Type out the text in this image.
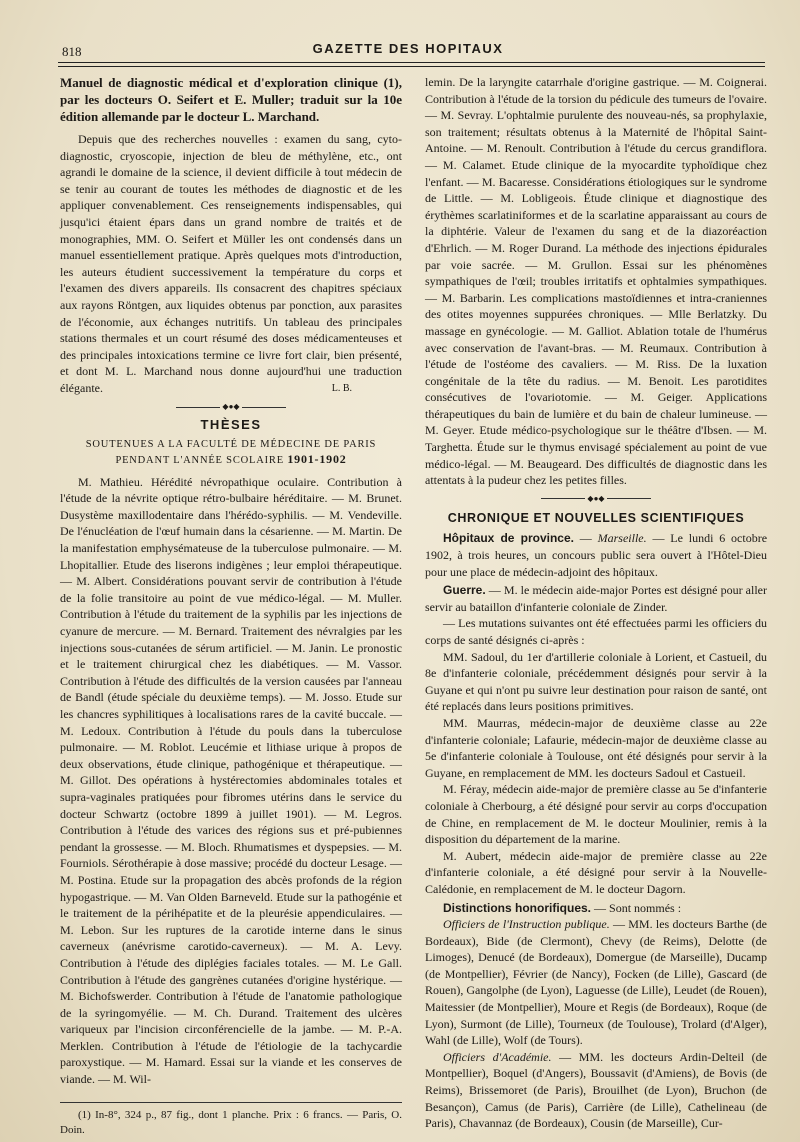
818	GAZETTE DES HOPITAUX

Manuel de diagnostic médical et d'exploration clinique (1), par les docteurs O. Seifert et E. Muller; traduit sur la 10e édition allemande par le docteur L. Marchand.

Depuis que des recherches nouvelles : examen du sang, cyto-diagnostic, cryoscopie, injection de bleu de méthylène, etc., ont agrandi le domaine de la science, il devient difficile à tout médecin de se tenir au courant de toutes les méthodes de diagnostic et de les appliquer convenablement. Ces renseignements indispensables, qui jusqu'ici étaient épars dans un grand nombre de traités et de monographies, MM. O. Seifert et Müller les ont condensés dans un manuel essentiellement pratique. Après quelques mots d'introduction, les auteurs étudient successivement la température du corps et l'examen des divers appareils. Ils consacrent des chapitres spéciaux aux rayons Röntgen, aux liquides obtenus par ponction, aux parasites de l'économie, aux échanges nutritifs. Un tableau des principales stations thermales et un court résumé des doses médicamenteuses et des principales intoxications termine ce livre fort clair, bien présenté, et dont M. L. Marchand nous donne aujourd'hui une traduction élégante.	L. B.

◆●◆
THÈSES
SOUTENUES A LA FACULTÉ DE MÉDECINE DE PARIS
PENDANT L'ANNÉE SCOLAIRE 1901-1902

M. Mathieu. Hérédité névropathique oculaire. Contribution à l'étude de la névrite optique rétro-bulbaire héréditaire. — M. Brunet. Dusystème maxillodentaire dans l'hérédo-syphilis. — M. Vendeville. De l'énucléation de l'œuf humain dans la césarienne. — M. Martin. De la manifestation emphysémateuse de la tuberculose pulmonaire. — M. Lhopitallier. Etude des liserons indigènes ; leur emploi thérapeutique. — M. Albert. Considérations pouvant servir de contribution à l'étude de la folie transitoire au point de vue médico-légal. — M. Muller. Contribution à l'étude du traitement de la syphilis par les injections de cyanure de mercure. — M. Bernard. Traitement des névralgies par les injections sous-cutanées de sérum artificiel. — M. Janin. Le pronostic et le traitement chirurgical chez les diabétiques. — M. Vassor. Contribution à l'étude des difficultés de la version causées par l'anneau de Bandl (étude spéciale du deuxième temps). — M. Josso. Etude sur les chancres syphilitiques à localisations rares de la cavité buccale. — M. Ledoux. Contribution à l'étude du pouls dans la tuberculose pulmonaire. — M. Roblot. Leucémie et lithiase urique à propos de deux observations, étude clinique, pathogénique et thérapeutique. — M. Gillot. Des opérations à hystérectomies abdominales totales et supra-vaginales pratiquées pour fibromes utérins dans le service du docteur Schwartz (octobre 1899 à juillet 1901). — M. Legros. Contribution à l'étude des varices des régions sus et pré-pubiennes pendant la grossesse. — M. Bloch. Rhumatismes et dyspepsies. — M. Fourniols. Sérothérapie à dose massive; procédé du docteur Lesage. — M. Postina. Etude sur la propagation des abcès profonds de la région hypogastrique. — M. Van Olden Barneveld. Etude sur la pathogénie et le traitement de la périhépatite et de la pleurésie appendiculaires. — M. Lebon. Sur les ruptures de la carotide interne dans le sinus caverneux (anévrisme carotido-caverneux). — M. A. Levy. Contribution à l'étude des diplégies faciales totales. — M. Le Gall. Contribution à l'étude des gangrènes cutanées d'origine hystérique. — M. Bichofswerder. Contribution à l'étude de l'anatomie pathologique de la syringomyélie. — M. Ch. Durand. Traitement des ulcères variqueux par l'incision circonférencielle de la jambe. — M. P.-A. Merklen. Contribution à l'étude de l'étiologie de la tachycardie paroxystique. — M. Hamard. Essai sur la viande et les conserves de viande. — M. Wil-

(1) In-8°, 324 p., 87 fig., dont 1 planche. Prix : 6 francs. — Paris, O. Doin.

lemin. De la laryngite catarrhale d'origine gastrique. — M. Coignerai. Contribution à l'étude de la torsion du pédicule des tumeurs de l'ovaire. — M. Sevray. L'ophtalmie purulente des nouveau-nés, sa prophylaxie, son traitement; résultats obtenus à la Maternité de l'hôpital Saint-Antoine. — M. Renoult. Contribution à l'étude du cercus grandiflora. — M. Calamet. Etude clinique de la myocardite typhoïdique chez l'enfant. — M. Bacaresse. Considérations étiologiques sur le syndrome de Little. — M. Lobligeois. Étude clinique et diagnostique des érythèmes scarlatiniformes et de la scarlatine apparaissant au cours de la diphtérie. Valeur de l'examen du sang et de la diazoréaction d'Ehrlich. — M. Roger Durand. La méthode des injections épidurales par voie sacrée. — M. Grullon. Essai sur les phénomènes sympathiques de l'œil; troubles irritatifs et ophtalmies sympathiques. — M. Barbarin. Les complications mastoïdiennes et intra-craniennes des otites moyennes suppurées chroniques. — Mlle Berlatzky. Du massage en gynécologie. — M. Galliot. Ablation totale de l'humérus avec conservation de l'avant-bras. — M. Reumaux. Contribution à l'étude de l'ostéome des cavaliers. — M. Riss. De la luxation congénitale de la tête du radius. — M. Benoit. Les parotidites consécutives de l'ovariotomie. — M. Geiger. Applications thérapeutiques du bain de lumière et du bain de chaleur lumineuse. — M. Geyer. Etude médico-psychologique sur le théâtre d'Ibsen. — M. Targhetta. Étude sur le thymus envisagé spécialement au point de vue médico-légal. — M. Beaugeard. Des difficultés de diagnostic dans les attentats à la pudeur chez les petites filles.

◆●◆
CHRONIQUE ET NOUVELLES SCIENTIFIQUES

Hôpitaux de province. — Marseille. — Le lundi 6 octobre 1902, à trois heures, un concours public sera ouvert à l'Hôtel-Dieu pour une place de médecin-adjoint des hôpitaux.

Guerre. — M. le médecin aide-major Portes est désigné pour aller servir au bataillon d'infanterie coloniale de Zinder.

— Les mutations suivantes ont été effectuées parmi les officiers du corps de santé désignés ci-après :

MM. Sadoul, du 1er d'artillerie coloniale à Lorient, et Castueil, du 8e d'infanterie coloniale, précédemment désignés pour servir à la Guyane et qui n'ont pu suivre leur destination pour raison de santé, ont été replacés dans leurs positions primitives.

MM. Maurras, médecin-major de deuxième classe au 22e d'infanterie coloniale; Lafaurie, médecin-major de deuxième classe au 5e d'infanterie coloniale à Toulouse, ont été désignés pour servir à la Guyane, en remplacement de MM. les docteurs Sadoul et Castueil.

M. Féray, médecin aide-major de première classe au 5e d'infanterie coloniale à Cherbourg, a été désigné pour servir au corps d'occupation de Chine, en remplacement de M. le docteur Moulinier, remis à la disposition du département de la marine.

M. Aubert, médecin aide-major de première classe au 22e d'infanterie coloniale, a été désigné pour servir à la Nouvelle-Calédonie, en remplacement de M. le docteur Dagorn.

Distinctions honorifiques. — Sont nommés :

Officiers de l'Instruction publique. — MM. les docteurs Barthe (de Bordeaux), Bide (de Clermont), Chevy (de Reims), Delotte (de Limoges), Denucé (de Bordeaux), Domergue (de Marseille), Ducamp (de Montpellier), Février (de Nancy), Focken (de Lille), Gascard (de Rouen), Gangolphe (de Lyon), Laguesse (de Lille), Leudet (de Rouen), Maitessier (de Montpellier), Moure et Regis (de Bordeaux), Roque (de Lyon), Surmont (de Lille), Tourneux (de Toulouse), Trolard (d'Alger), Wahl (de Lille), Wolf (de Tours).

Officiers d'Académie. — MM. les docteurs Ardin-Delteil (de Montpellier), Boquel (d'Angers), Boussavit (d'Amiens), de Bovis (de Reims), Brissemoret (de Paris), Brouilhet (de Lyon), Bruchon (de Besançon), Camus (de Paris), Carrière (de Lille), Cathelineau (de Paris), Chavannaz (de Bordeaux), Cousin (de Marseille), Cur-
